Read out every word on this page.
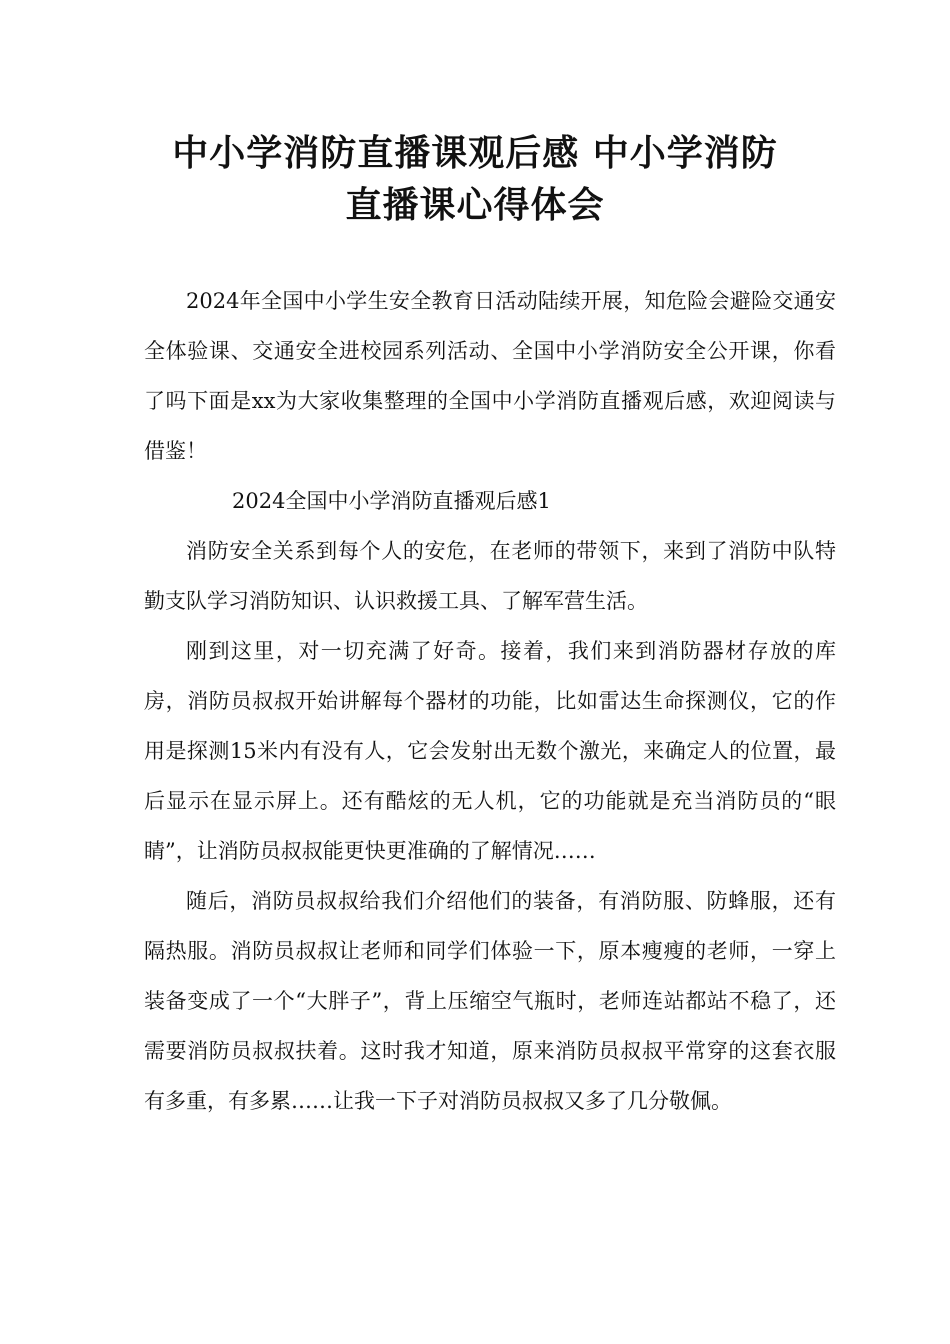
中小学消防直播课观后感 中小学消防
直播课心得体会

2024年全国中小学生安全教育日活动陆续开展，知危险会避险交通安全体验课、交通安全进校园系列活动、全国中小学消防安全公开课，你看了吗下面是xx为大家收集整理的全国中小学消防直播观后感，欢迎阅读与借鉴！

2024全国中小学消防直播观后感1

消防安全关系到每个人的安危，在老师的带领下，来到了消防中队特勤支队学习消防知识、认识救援工具、了解军营生活。

刚到这里，对一切充满了好奇。接着，我们来到消防器材存放的库房，消防员叔叔开始讲解每个器材的功能，比如雷达生命探测仪，它的作用是探测15米内有没有人，它会发射出无数个激光，来确定人的位置，最后显示在显示屏上。还有酷炫的无人机，它的功能就是充当消防员的“眼睛”，让消防员叔叔能更快更准确的了解情况……

随后，消防员叔叔给我们介绍他们的装备，有消防服、防蜂服，还有隔热服。消防员叔叔让老师和同学们体验一下，原本瘦瘦的老师，一穿上装备变成了一个“大胖子”，背上压缩空气瓶时，老师连站都站不稳了，还需要消防员叔叔扶着。这时我才知道，原来消防员叔叔平常穿的这套衣服有多重，有多累……让我一下子对消防员叔叔又多了几分敬佩。
